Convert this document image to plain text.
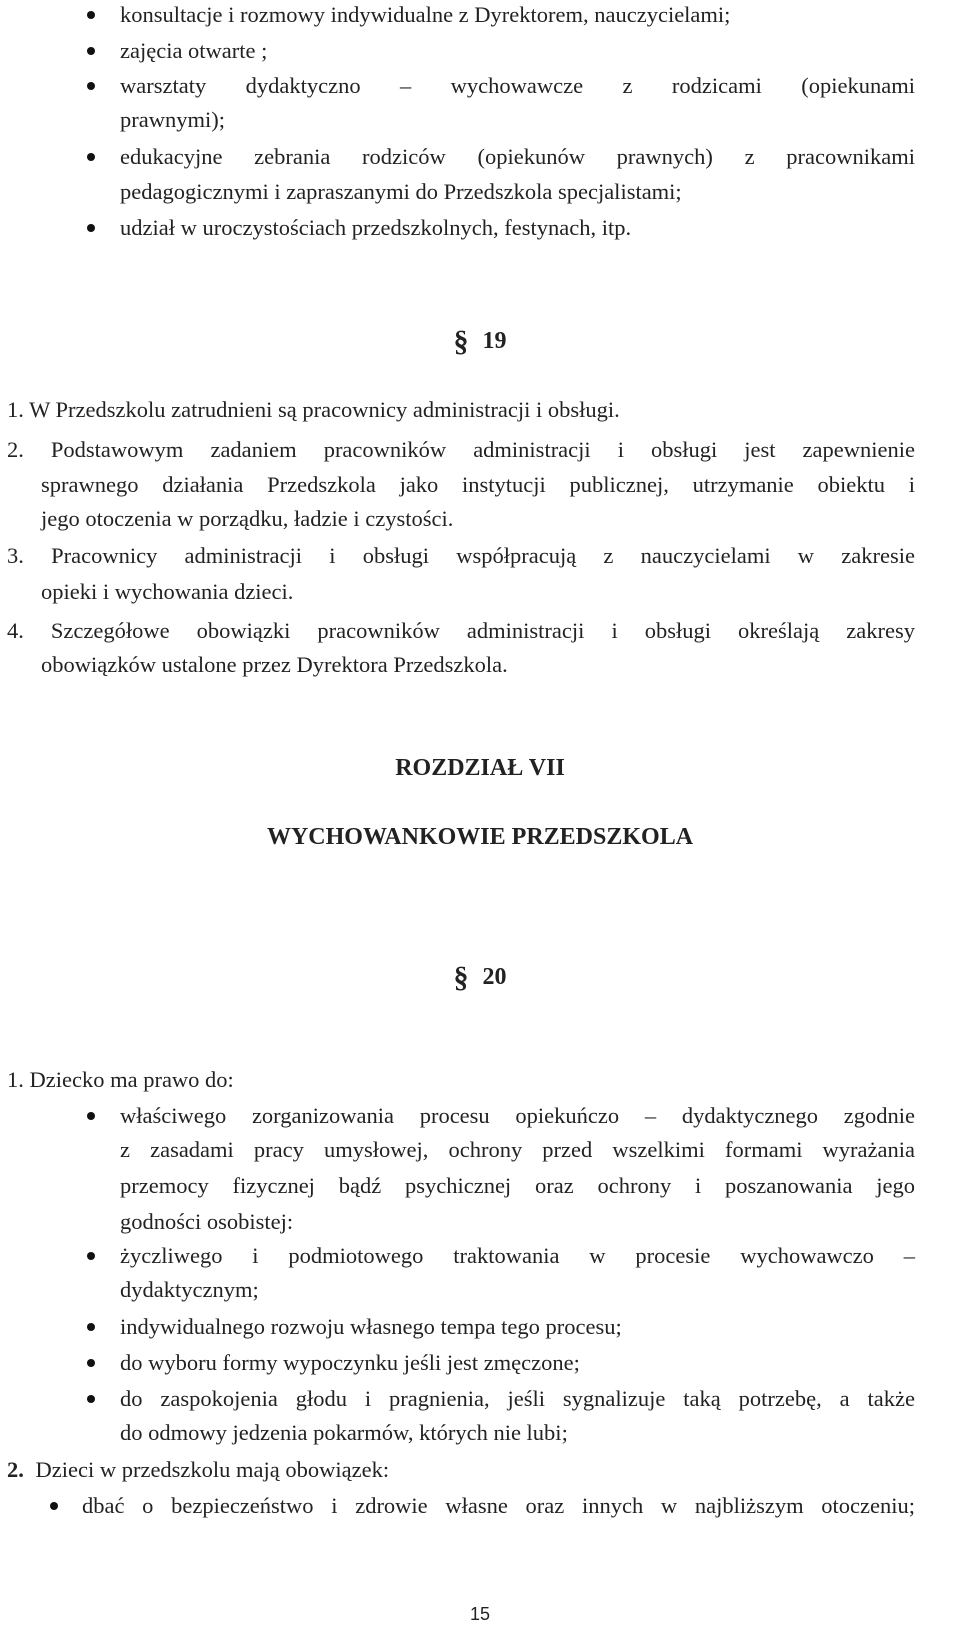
konsultacje i rozmowy indywidualne z Dyrektorem, nauczycielami;
zajęcia otwarte ;
warsztaty dydaktyczno – wychowawcze z rodzicami (opiekunami
prawnymi);
edukacyjne zebrania rodziców (opiekunów prawnych) z pracownikami
pedagogicznymi i zapraszanymi do Przedszkola specjalistami;
udział w uroczystościach przedszkolnych, festynach, itp.
§ 19
1. W Przedszkolu zatrudnieni są pracownicy administracji i obsługi.
2. Podstawowym zadaniem pracowników administracji i obsługi jest zapewnienie
sprawnego działania Przedszkola jako instytucji publicznej, utrzymanie obiektu i
jego otoczenia w porządku, ładzie i czystości.
3. Pracownicy administracji i obsługi współpracują z nauczycielami w zakresie
opieki i wychowania dzieci.
4. Szczegółowe obowiązki pracowników administracji i obsługi określają zakresy
obowiązków ustalone przez Dyrektora Przedszkola.
ROZDZIAŁ VII
WYCHOWANKOWIE PRZEDSZKOLA
§ 20
1. Dziecko ma prawo do:
właściwego zorganizowania procesu opiekuńczo – dydaktycznego zgodnie
z zasadami pracy umysłowej, ochrony przed wszelkimi formami wyrażania
przemocy fizycznej bądź psychicznej oraz ochrony i poszanowania jego
godności osobistej:
życzliwego i podmiotowego traktowania w procesie wychowawczo –
dydaktycznym;
indywidualnego rozwoju własnego tempa tego procesu;
do wyboru formy wypoczynku jeśli jest zmęczone;
do zaspokojenia głodu i pragnienia, jeśli sygnalizuje taką potrzebę, a także
do odmowy jedzenia pokarmów, których nie lubi;
2. Dzieci w przedszkolu mają obowiązek:
dbać o bezpieczeństwo i zdrowie własne oraz innych w najbliższym otoczeniu;
15
